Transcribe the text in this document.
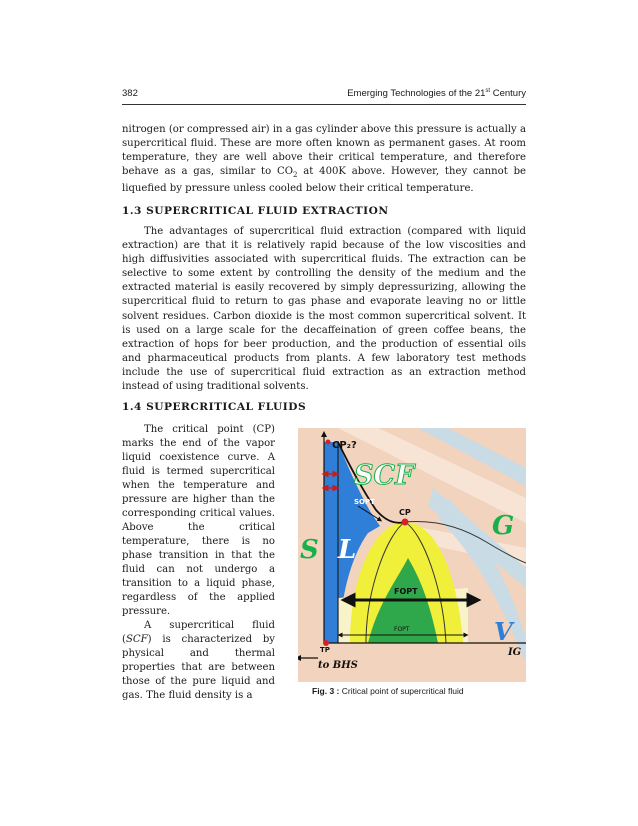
382	Emerging Technologies of the 21st Century

nitrogen (or compressed air) in a gas cylinder above this pressure is actually a supercritical fluid. These are more often known as permanent gases. At room temperature, they are well above their critical temperature, and therefore behave as a gas, similar to $CO_2$ at 400K above. However, they cannot be liquefied by pressure unless cooled below their critical temperature.

1.3 SUPERCRITICAL FLUID EXTRACTION

The advantages of supercritical fluid extraction (compared with liquid extraction) are that it is relatively rapid because of the low viscosities and high diffusivities associated with supercritical fluids. The extraction can be selective to some extent by controlling the density of the medium and the extracted material is easily recovered by simply depressurizing, allowing the supercritical fluid to return to gas phase and evaporate leaving no or little solvent residues. Carbon dioxide is the most common supercritical solvent. It is used on a large scale for the decaffeination of green coffee beans, the extraction of hops for beer production, and the production of essential oils and pharmaceutical products from plants. A few laboratory test methods include the use of supercritical fluid extraction as an extraction method instead of using traditional solvents.

1.4 SUPERCRITICAL FLUIDS

The critical point (CP) marks the end of the vapor liquid coexistence curve. A fluid is termed supercritical when the temperature and pressure are higher than the corresponding critical values. Above the critical temperature, there is no phase transition in that the fluid can not undergo a transition to a liquid phase, regardless of the applied pressure.

A supercritical fluid (SCF) is characterized by physical and thermal properties that are between those of the pure liquid and gas. The fluid density is a

CP₂?
SCF
G
S L
CP
V
IG
FOPT
FOPT
SOPT
TP
to BHS
Fig. 3 : Critical point of supercritical fluid
